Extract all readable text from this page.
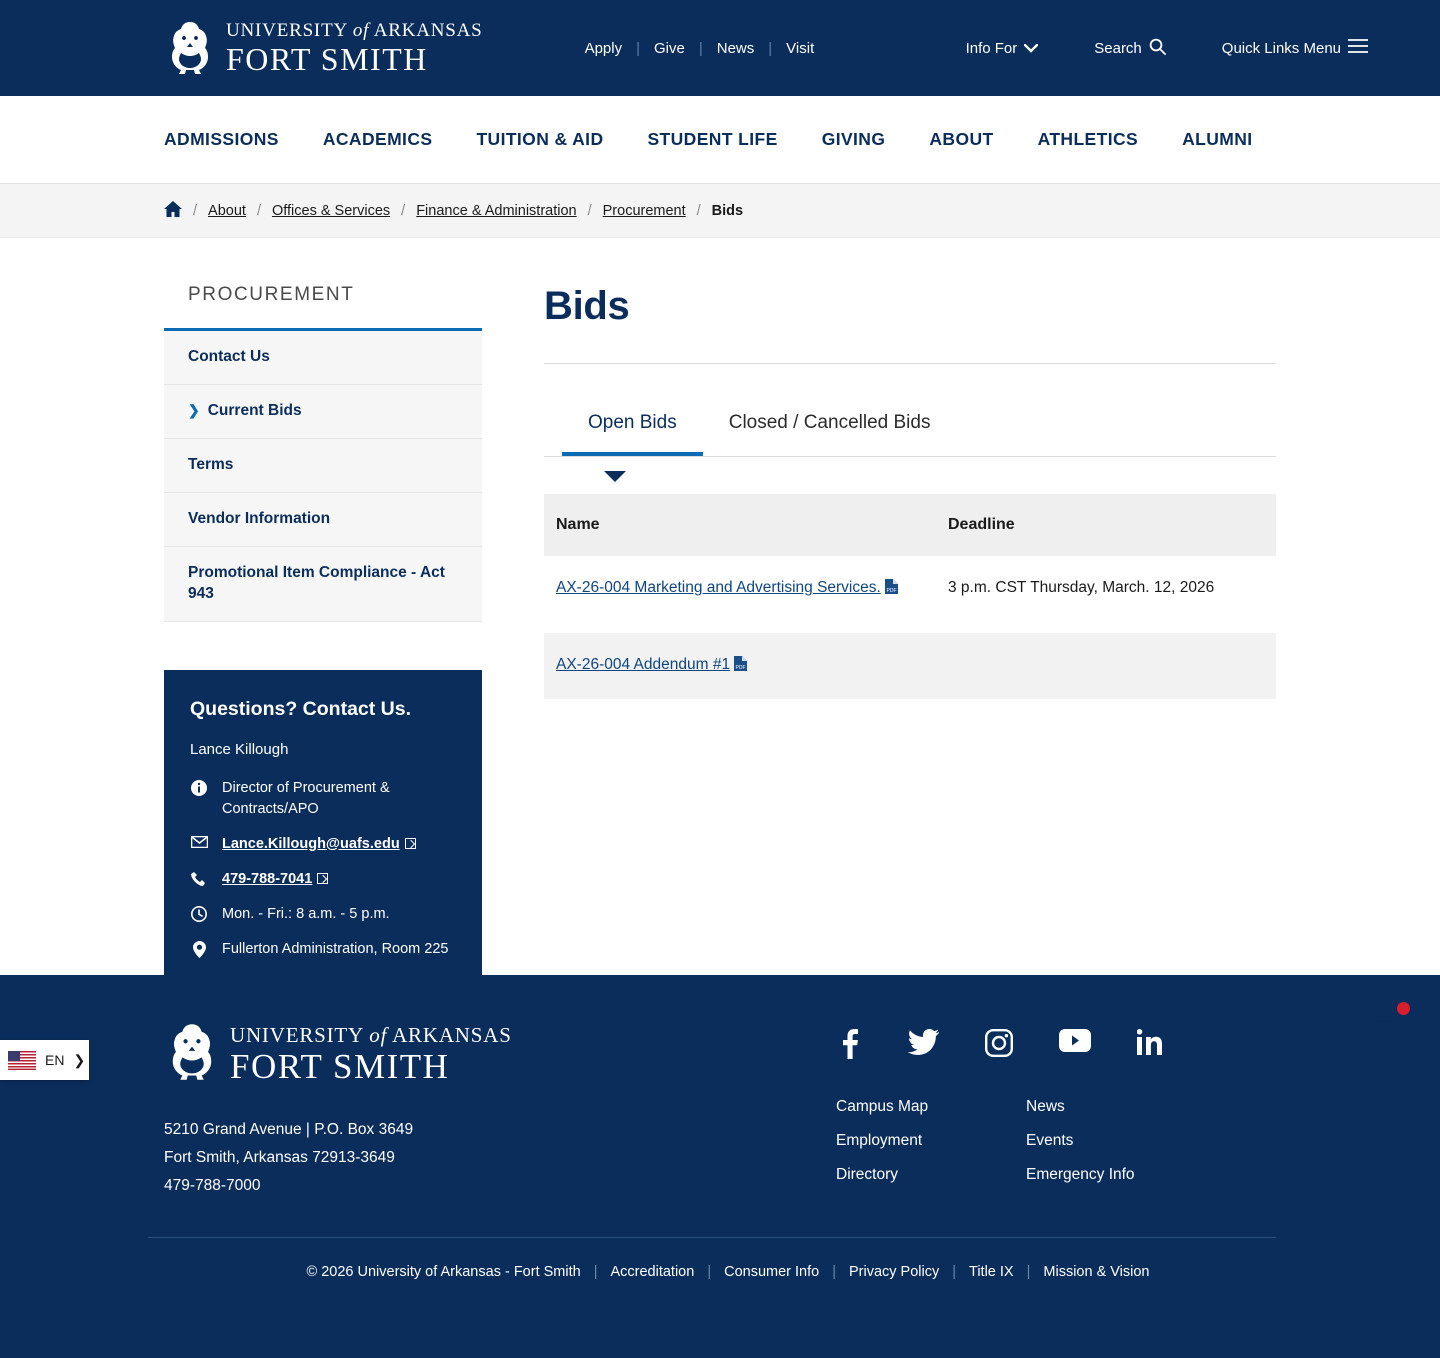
UNIVERSITY of ARKANSAS
FORT SMITH	Apply | Give | News | Visit	Info For	Search	Quick Links Menu
ADMISSIONS	ACADEMICS	TUITION & AID	STUDENT LIFE	GIVING	ABOUT	ATHLETICS	ALUMNI
/ About / Offices & Services / Finance & Administration / Procurement / Bids
PROCUREMENT
Contact Us
❯ Current Bids
Terms
Vendor Information
Promotional Item Compliance - Act 943
Questions? Contact Us.
Lance Killough
Director of Procurement & Contracts/APO
Lance.Killough@uafs.edu
479-788-7041
Mon. - Fri.: 8 a.m. - 5 p.m.
Fullerton Administration, Room 225
Bids
Open Bids	Closed / Cancelled Bids
Name	Deadline
AX-26-004 Marketing and Advertising Services. PDF	3 p.m. CST Thursday, March. 12, 2026
AX-26-004 Addendum #1 PDF
UNIVERSITY of ARKANSAS
FORT SMITH
5210 Grand Avenue | P.O. Box 3649
Fort Smith, Arkansas 72913-3649
479-788-7000
Campus Map
Employment
Directory
News
Events
Emergency Info
© 2026 University of Arkansas - Fort Smith | Accreditation | Consumer Info | Privacy Policy | Title IX | Mission & Vision
EN ❯
